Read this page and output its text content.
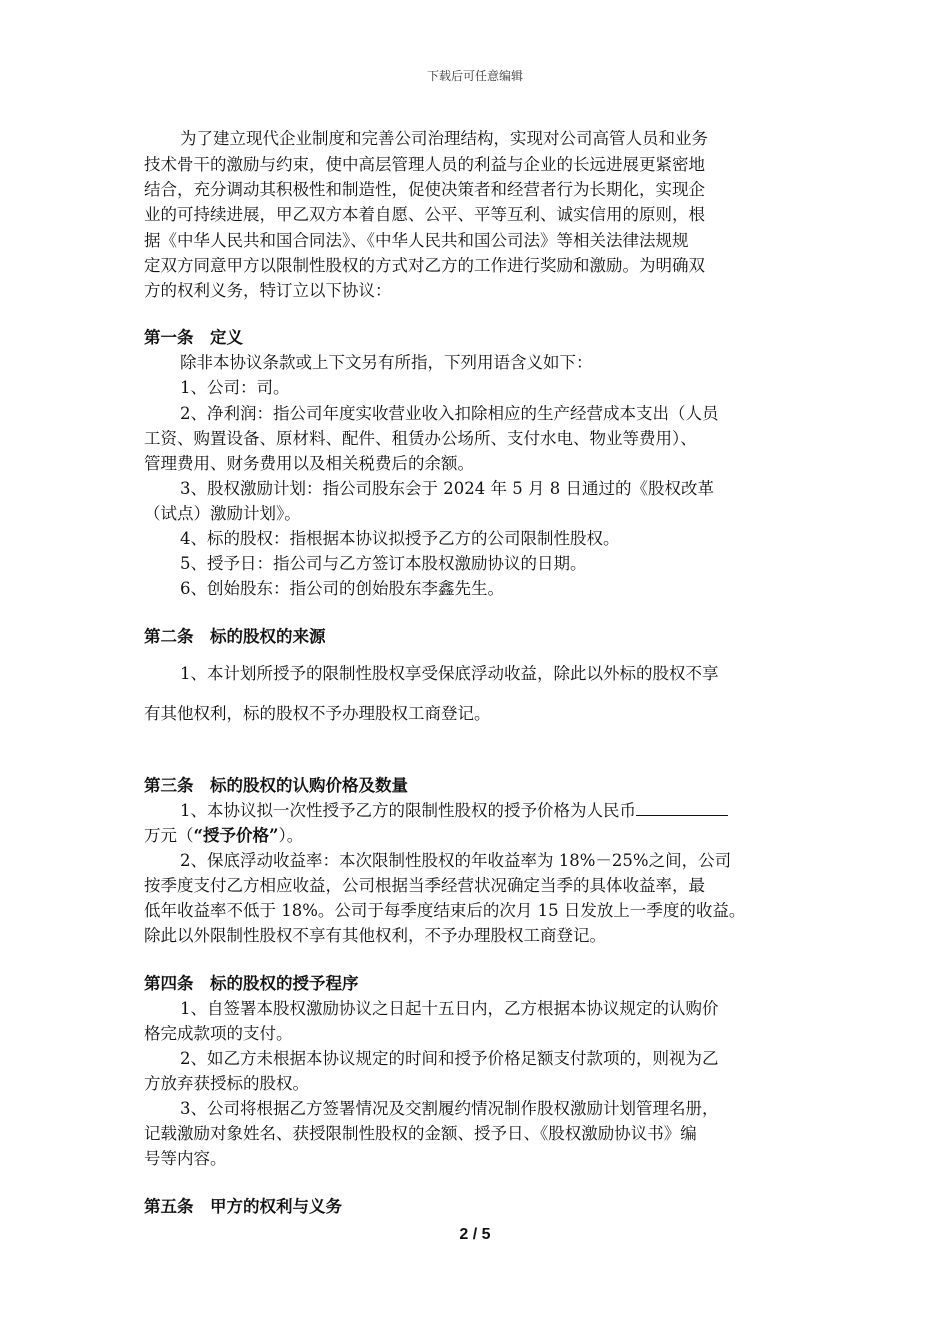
下载后可任意编辑
为了建立现代企业制度和完善公司治理结构，实现对公司高管人员和业务
技术骨干的激励与约束，使中高层管理人员的利益与企业的长远进展更紧密地
结合，充分调动其积极性和制造性，促使决策者和经营者行为长期化，实现企
业的可持续进展，甲乙双方本着自愿、公平、平等互利、诚实信用的原则，根
据《中华人民共和国合同法》、《中华人民共和国公司法》等相关法律法规规
定双方同意甲方以限制性股权的方式对乙方的工作进行奖励和激励。为明确双
方的权利义务，特订立以下协议：
第一条　定义
除非本协议条款或上下文另有所指，下列用语含义如下：
1、公司：司。
2、净利润：指公司年度实收营业收入扣除相应的生产经营成本支出（人员
工资、购置设备、原材料、配件、租赁办公场所、支付水电、物业等费用）、
管理费用、财务费用以及相关税费后的余额。
3、股权激励计划：指公司股东会于 2024 年 5 月 8 日通过的《股权改革
（试点）激励计划》。
4、标的股权：指根据本协议拟授予乙方的公司限制性股权。
5、授予日：指公司与乙方签订本股权激励协议的日期。
6、创始股东：指公司的创始股东李鑫先生。
第二条　标的股权的来源
1、本计划所授予的限制性股权享受保底浮动收益，除此以外标的股权不享
有其他权利，标的股权不予办理股权工商登记。
第三条　标的股权的认购价格及数量
1、本协议拟一次性授予乙方的限制性股权的授予价格为人民币
万元（“授予价格”）。
2、保底浮动收益率：本次限制性股权的年收益率为 18%－25%之间，公司
按季度支付乙方相应收益，公司根据当季经营状况确定当季的具体收益率，最
低年收益率不低于 18%。公司于每季度结束后的次月 15 日发放上一季度的收益。
除此以外限制性股权不享有其他权利，不予办理股权工商登记。
第四条　标的股权的授予程序
1、自签署本股权激励协议之日起十五日内，乙方根据本协议规定的认购价
格完成款项的支付。
2、如乙方未根据本协议规定的时间和授予价格足额支付款项的，则视为乙
方放弃获授标的股权。
3、公司将根据乙方签署情况及交割履约情况制作股权激励计划管理名册，
记载激励对象姓名、获授限制性股权的金额、授予日、《股权激励协议书》编
号等内容。
第五条　甲方的权利与义务
2 / 5
